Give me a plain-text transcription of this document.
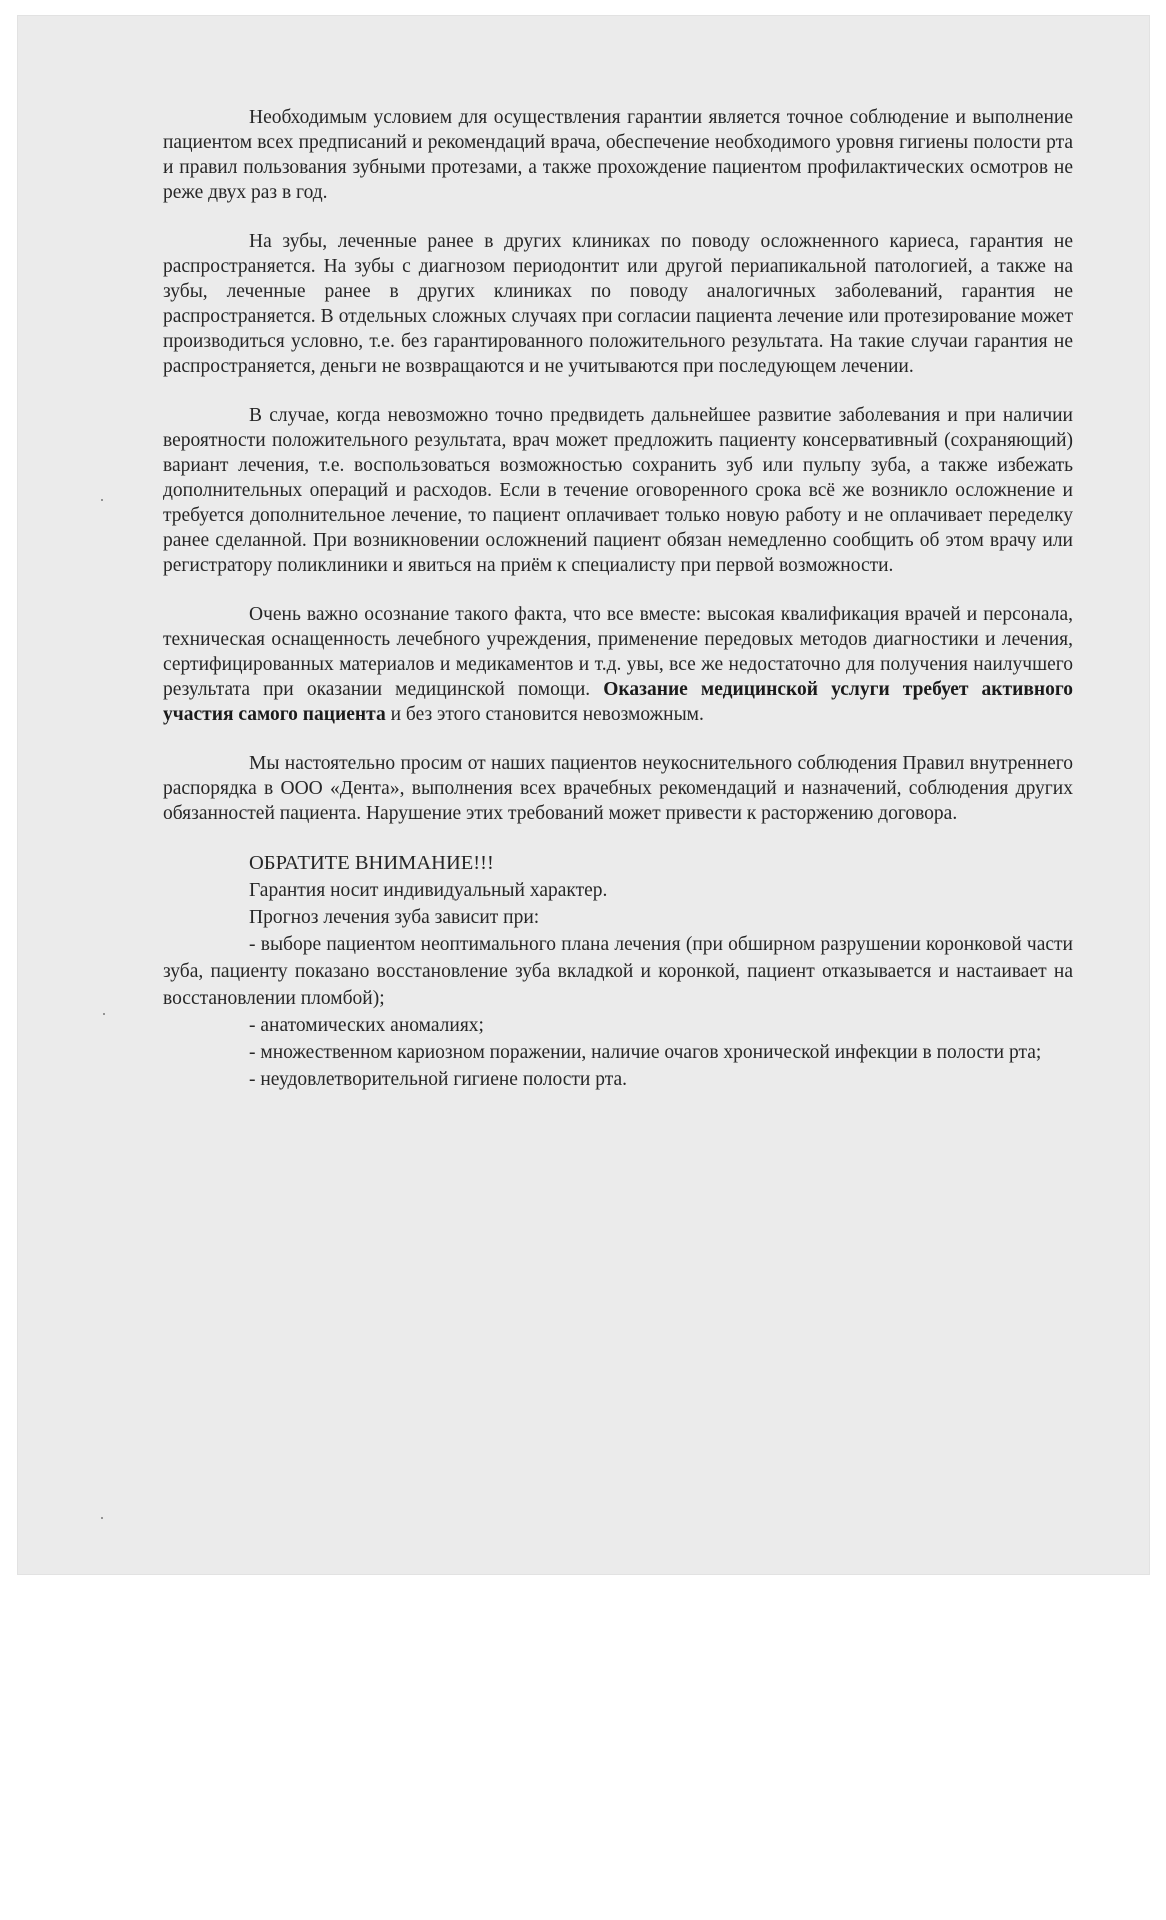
Необходимым условием для осуществления гарантии является точное соблюдение и выполнение пациентом всех предписаний и рекомендаций врача, обеспечение необходимого уровня гигиены полости рта и правил пользования зубными протезами, а также прохождение пациентом профилактических осмотров не реже двух раз в год.

На зубы, леченные ранее в других клиниках по поводу осложненного кариеса, гарантия не распространяется. На зубы с диагнозом периодонтит или другой периапикальной патологией, а также на зубы, леченные ранее в других клиниках по поводу аналогичных заболеваний, гарантия не распространяется. В отдельных сложных случаях при согласии пациента лечение или протезирование может производиться условно, т.е. без гарантированного положительного результата. На такие случаи гарантия не распространяется, деньги не возвращаются и не учитываются при последующем лечении.

В случае, когда невозможно точно предвидеть дальнейшее развитие заболевания и при наличии вероятности положительного результата, врач может предложить пациенту консервативный (сохраняющий) вариант лечения, т.е. воспользоваться возможностью сохранить зуб или пульпу зуба, а также избежать дополнительных операций и расходов. Если в течение оговоренного срока всё же возникло осложнение и требуется дополнительное лечение, то пациент оплачивает только новую работу и не оплачивает переделку ранее сделанной. При возникновении осложнений пациент обязан немедленно сообщить об этом врачу или регистратору поликлиники и явиться на приём к специалисту при первой возможности.

Очень важно осознание такого факта, что все вместе: высокая квалификация врачей и персонала, техническая оснащенность лечебного учреждения, применение передовых методов диагностики и лечения, сертифицированных материалов и медикаментов и т.д. увы, все же недостаточно для получения наилучшего результата при оказании медицинской помощи. Оказание медицинской услуги требует активного участия самого пациента и без этого становится невозможным.

Мы настоятельно просим от наших пациентов неукоснительного соблюдения Правил внутреннего распорядка в ООО «Дента», выполнения всех врачебных рекомендаций и назначений, соблюдения других обязанностей пациента. Нарушение этих требований может привести к расторжению договора.

ОБРАТИТЕ ВНИМАНИЕ!!!

Гарантия носит индивидуальный характер.

Прогноз лечения зуба зависит при:

- выборе пациентом неоптимального плана лечения (при обширном разрушении коронковой части зуба, пациенту показано восстановление зуба вкладкой и коронкой, пациент отказывается и настаивает на восстановлении пломбой);

- анатомических аномалиях;

- множественном кариозном поражении, наличие очагов хронической инфекции в полости рта;

- неудовлетворительной гигиене полости рта.
